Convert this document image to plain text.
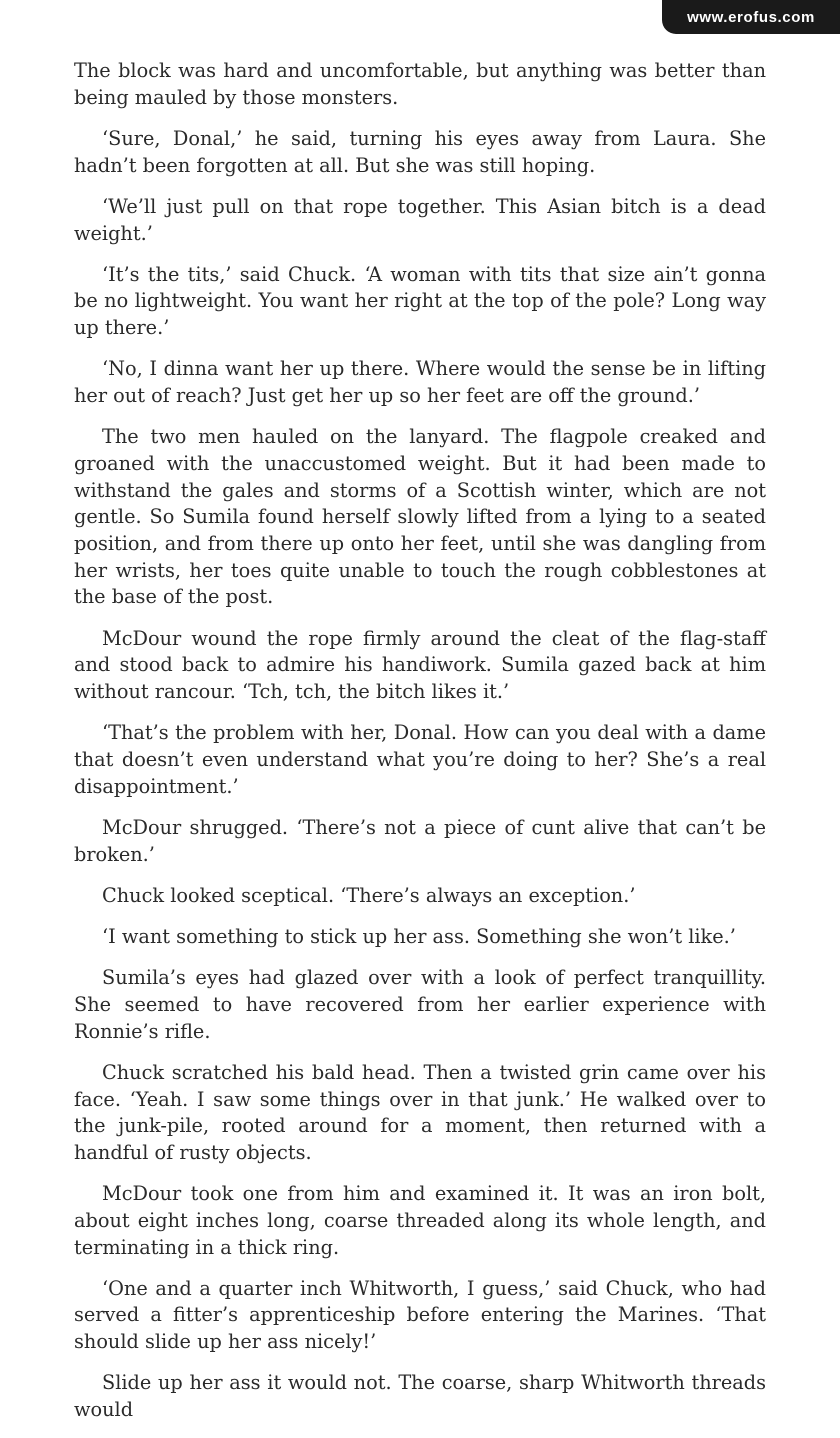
www.erofus.com

The block was hard and uncomfortable, but anything was better than being mauled by those monsters.

‘Sure, Donal,’ he said, turning his eyes away from Laura. She hadn’t been forgotten at all. But she was still hoping.

‘We’ll just pull on that rope together. This Asian bitch is a dead weight.’

‘It’s the tits,’ said Chuck. ‘A woman with tits that size ain’t gonna be no lightweight. You want her right at the top of the pole? Long way up there.’

‘No, I dinna want her up there. Where would the sense be in lifting her out of reach? Just get her up so her feet are off the ground.’

The two men hauled on the lanyard. The flagpole creaked and groaned with the unaccustomed weight. But it had been made to withstand the gales and storms of a Scottish winter, which are not gentle. So Sumila found herself slowly lifted from a lying to a seated position, and from there up onto her feet, until she was dangling from her wrists, her toes quite unable to touch the rough cobblestones at the base of the post.

McDour wound the rope firmly around the cleat of the flag-staff and stood back to admire his handiwork. Sumila gazed back at him without rancour. ‘Tch, tch, the bitch likes it.’

‘That’s the problem with her, Donal. How can you deal with a dame that doesn’t even understand what you’re doing to her? She’s a real disappointment.’

McDour shrugged. ‘There’s not a piece of cunt alive that can’t be broken.’

Chuck looked sceptical. ‘There’s always an exception.’

‘I want something to stick up her ass. Something she won’t like.’

Sumila’s eyes had glazed over with a look of perfect tranquillity. She seemed to have recovered from her earlier experience with Ronnie’s rifle.

Chuck scratched his bald head. Then a twisted grin came over his face. ‘Yeah. I saw some things over in that junk.’ He walked over to the junk-pile, rooted around for a moment, then returned with a handful of rusty objects.

McDour took one from him and examined it. It was an iron bolt, about eight inches long, coarse threaded along its whole length, and terminating in a thick ring.

‘One and a quarter inch Whitworth, I guess,’ said Chuck, who had served a fitter’s apprenticeship before entering the Marines. ‘That should slide up her ass nicely!’

Slide up her ass it would not. The coarse, sharp Whitworth threads would
